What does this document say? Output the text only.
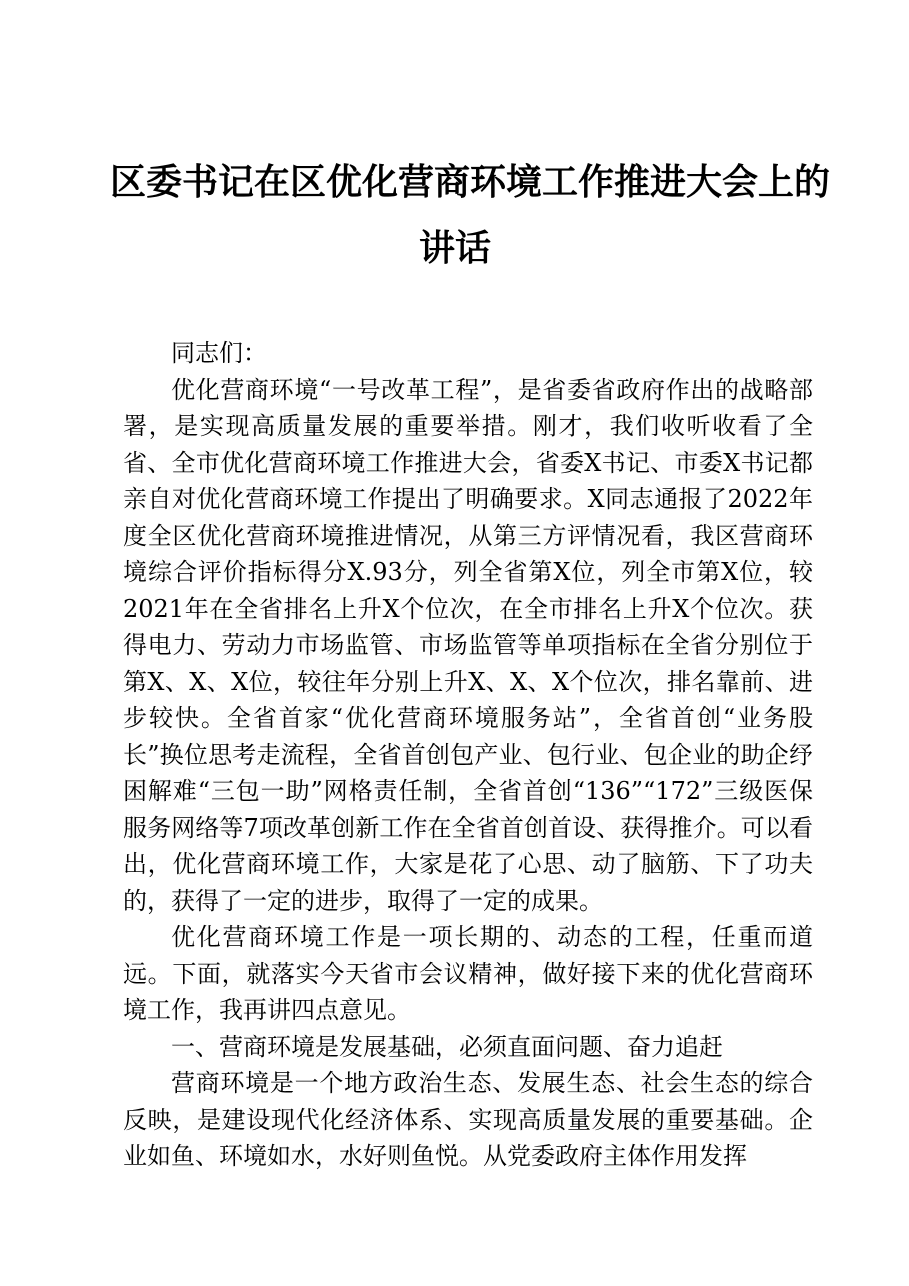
区委书记在区优化营商环境工作推进大会上的
讲话

同志们：

优化营商环境“一号改革工程”，是省委省政府作出的战略部署，是实现高质量发展的重要举措。刚才，我们收听收看了全省、全市优化营商环境工作推进大会，省委X书记、市委X书记都亲自对优化营商环境工作提出了明确要求。X同志通报了2022年度全区优化营商环境推进情况，从第三方评情况看，我区营商环境综合评价指标得分X.93分，列全省第X位，列全市第X位，较2021年在全省排名上升X个位次，在全市排名上升X个位次。获得电力、劳动力市场监管、市场监管等单项指标在全省分别位于第X、X、X位，较往年分别上升X、X、X个位次，排名靠前、进步较快。全省首家“优化营商环境服务站”，全省首创“业务股长”换位思考走流程，全省首创包产业、包行业、包企业的助企纾困解难“三包一助”网格责任制，全省首创“136”“172”三级医保服务网络等7项改革创新工作在全省首创首设、获得推介。可以看出，优化营商环境工作，大家是花了心思、动了脑筋、下了功夫的，获得了一定的进步，取得了一定的成果。

优化营商环境工作是一项长期的、动态的工程，任重而道远。下面，就落实今天省市会议精神，做好接下来的优化营商环境工作，我再讲四点意见。

一、营商环境是发展基础，必须直面问题、奋力追赶

营商环境是一个地方政治生态、发展生态、社会生态的综合反映，是建设现代化经济体系、实现高质量发展的重要基础。企业如鱼、环境如水，水好则鱼悦。从党委政府主体作用发挥
